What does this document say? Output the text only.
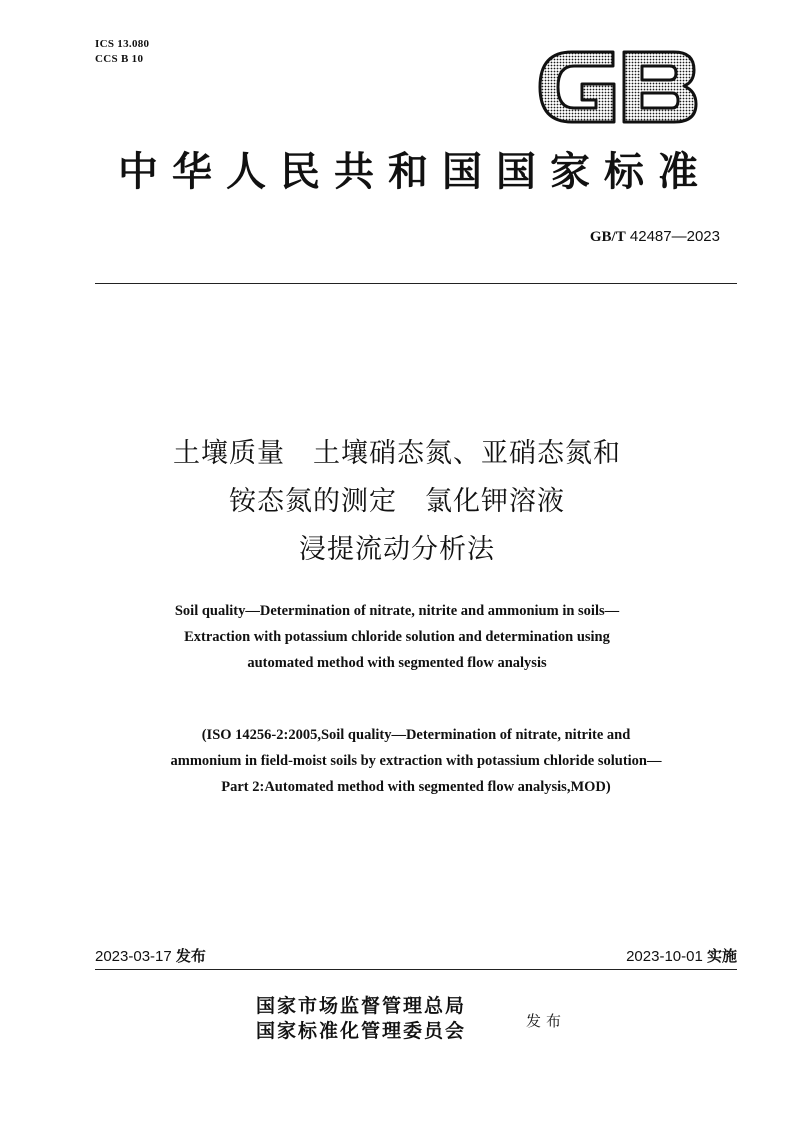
ICS 13.080
CCS B 10
中华人民共和国国家标准
GB/T 42487—2023
土壤质量　土壤硝态氮、亚硝态氮和
铵态氮的测定　氯化钾溶液
浸提流动分析法
Soil quality—Determination of nitrate, nitrite and ammonium in soils—
Extraction with potassium chloride solution and determination using
automated method with segmented flow analysis
(ISO 14256-2:2005,Soil quality—Determination of nitrate, nitrite and
ammonium in field-moist soils by extraction with potassium chloride solution—
Part 2:Automated method with segmented flow analysis,MOD)
2023-03-17 发布	2023-10-01 实施
国家市场监督管理总局
国家标准化管理委员会	发布
